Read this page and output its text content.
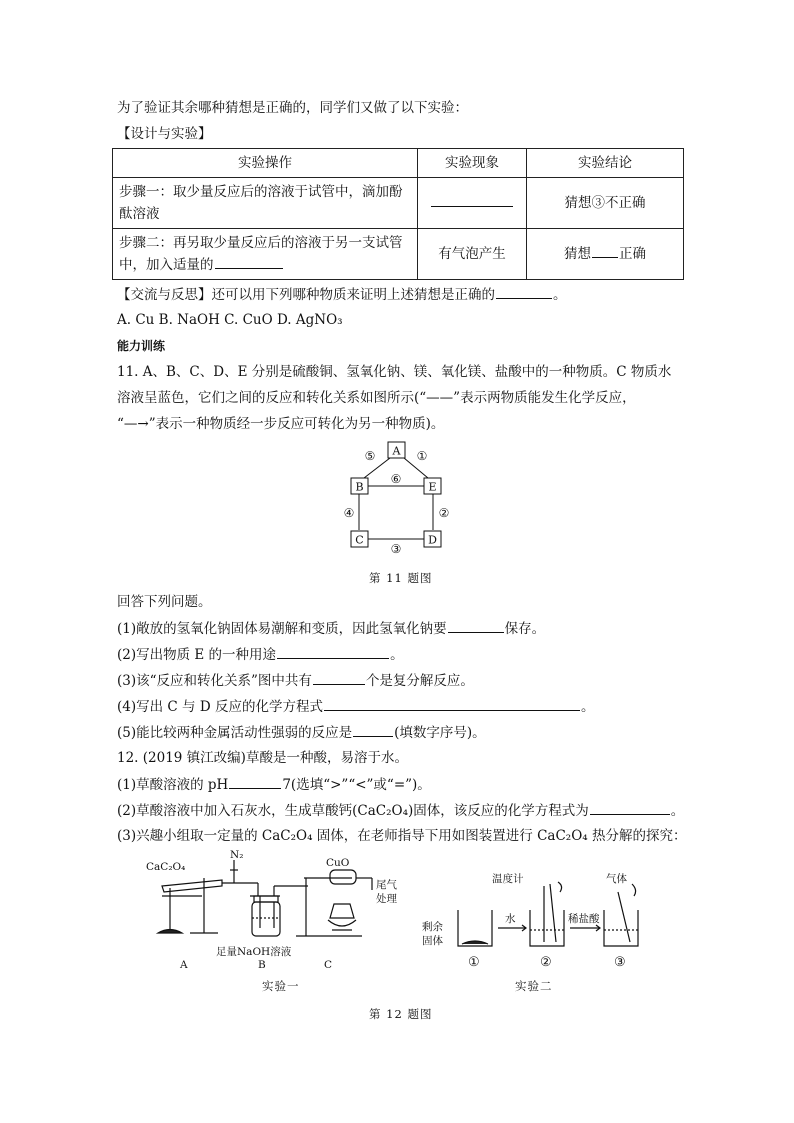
为了验证其余哪种猜想是正确的，同学们又做了以下实验：
【设计与实验】
实验操作	实验现象	实验结论
步骤一：取少量反应后的溶液于试管中，滴加酚酞溶液		猜想③不正确
步骤二：再另取少量反应后的溶液于另一支试管中，加入适量的	有气泡产生	猜想 正确
【交流与反思】还可以用下列哪种物质来证明上述猜想是正确的	。
A. Cu B. NaOH C. CuO D. AgNO₃
能力训练
11. A、B、C、D、E 分别是硫酸铜、氢氧化钠、镁、氧化镁、盐酸中的一种物质。C 物质水
溶液呈蓝色，它们之间的反应和转化关系如图所示(“——”表示两物质能发生化学反应，
“—→”表示一种物质经一步反应可转化为另一种物质)。
A
B	E
C	D
⑤	①
⑥
④	②
③
第 11 题图
回答下列问题。
(1)敞放的氢氧化钠固体易潮解和变质，因此氢氧化钠要	保存。
(2)写出物质 E 的一种用途	。
(3)该“反应和转化关系”图中共有	个是复分解反应。
(4)写出 C 与 D 反应的化学方程式	。
(5)能比较两种金属活动性强弱的反应是	(填数字序号)。
12. (2019 镇江改编)草酸是一种酸，易溶于水。
(1)草酸溶液的 pH	7(选填“>”“<”或“=”)。
(2)草酸溶液中加入石灰水，生成草酸钙(CaC₂O₄)固体，该反应的化学方程式为	。
(3)兴趣小组取一定量的 CaC₂O₄ 固体，在老师指导下用如图装置进行 CaC₂O₄ 热分解的探究：
CaC₂O₄
N₂
CuO
尾气
处理
足量NaOH溶液
A	B	C
实验一
温度计
剩余
固体
水	稀盐酸
气体
①	②	③
实验二
第 12 题图
